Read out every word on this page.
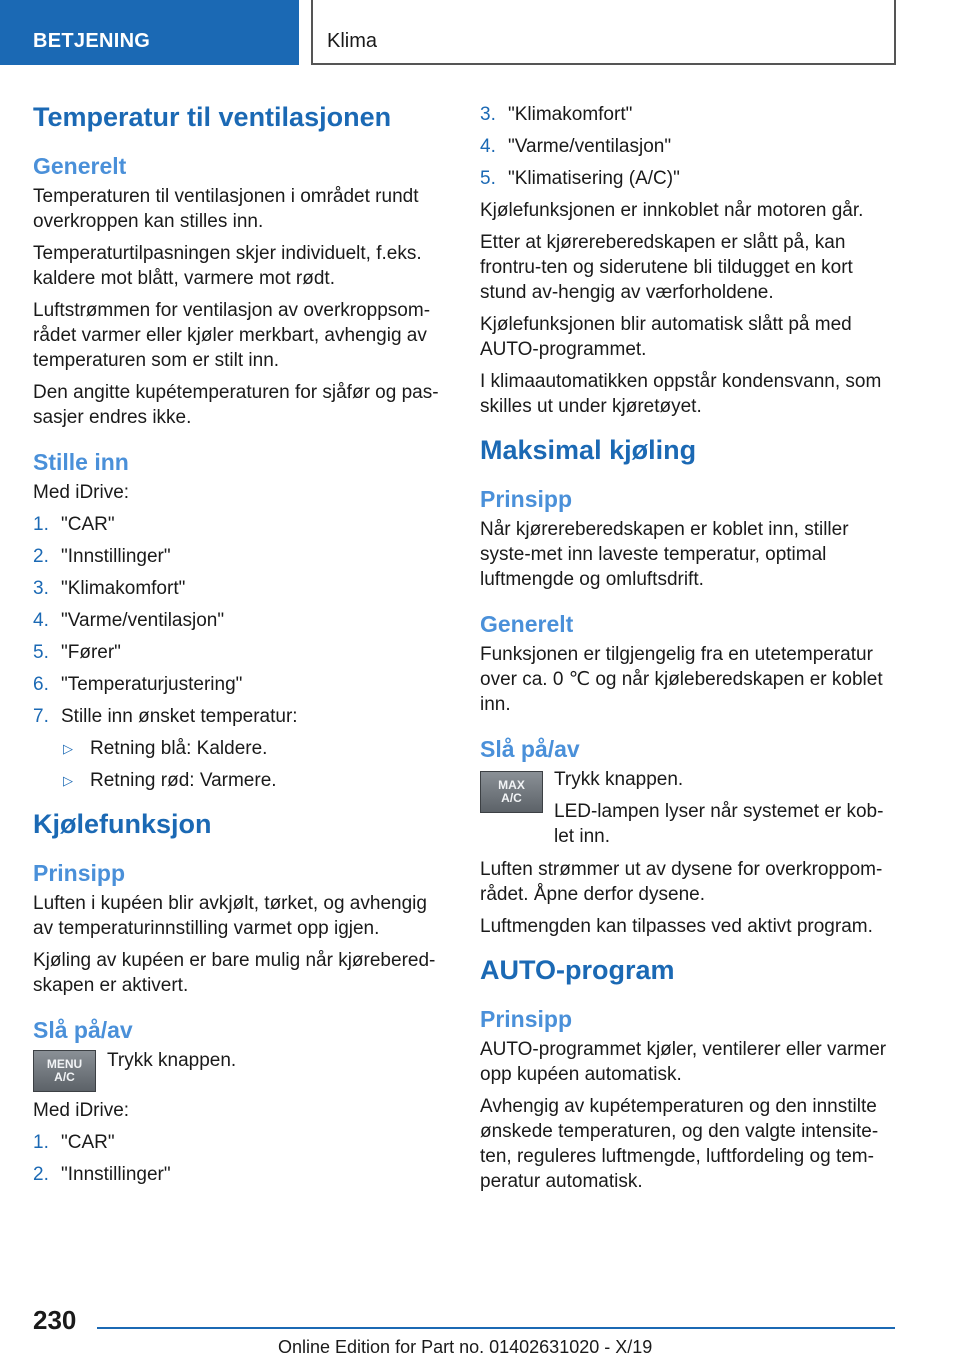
BETJENING	Klima
Temperatur til ventilasjonen
Generelt

Temperaturen til ventilasjonen i området rundt overkroppen kan stilles inn.

Temperaturtilpasningen skjer individuelt, f.eks. kaldere mot blått, varmere mot rødt.

Luftstrømmen for ventilasjon av overkroppsom‐rådet varmer eller kjøler merkbart, avhengig av temperaturen som er stilt inn.

Den angitte kupétemperaturen for sjåfør og pas‐sasjer endres ikke.

Stille inn

Med iDrive:

1. "CAR"
2. "Innstillinger"
3. "Klimakomfort"
4. "Varme/ventilasjon"
5. "Fører"
6. "Temperaturjustering"
7. Stille inn ønsket temperatur:
▷ Retning blå: Kaldere.
▷ Retning rød: Varmere.
Kjølefunksjon
Prinsipp

Luften i kupéen blir avkjølt, tørket, og avhengig av temperaturinnstilling varmet opp igjen.

Kjøling av kupéen er bare mulig når kjørebered‐skapen er aktivert.

Slå på/av
MENU
A/C

Trykk knappen.

Med iDrive:

1. "CAR"
2. "Innstillinger"
3. "Klimakomfort"
4. "Varme/ventilasjon"
5. "Klimatisering (A/C)"

Kjølefunksjonen er innkoblet når motoren går.

Etter at kjørereberedskapen er slått på, kan frontru‐ten og siderutene bli tildugget en kort stund av‐hengig av værforholdene.

Kjølefunksjonen blir automatisk slått på med AUTO-programmet.

I klimaautomatikken oppstår kondensvann, som skilles ut under kjøretøyet.

Maksimal kjøling
Prinsipp

Når kjørereberedskapen er koblet inn, stiller syste‐met inn laveste temperatur, optimal luftmengde og omluftsdrift.

Generelt

Funksjonen er tilgjengelig fra en utetemperatur over ca. 0 ℃ og når kjøleberedskapen er koblet inn.

Slå på/av
MAX
A/C

Trykk knappen.

LED-lampen lyser når systemet er kob‐let inn.

Luften strømmer ut av dysene for overkroppom‐rådet. Åpne derfor dysene.

Luftmengden kan tilpasses ved aktivt program.

AUTO-program
Prinsipp

AUTO-programmet kjøler, ventilerer eller varmer opp kupéen automatisk.

Avhengig av kupétemperaturen og den innstilte ønskede temperaturen, og den valgte intensite‐ten, reguleres luftmengde, luftfordeling og tem‐peratur automatisk.

230
Online Edition for Part no. 01402631020 - X/19
